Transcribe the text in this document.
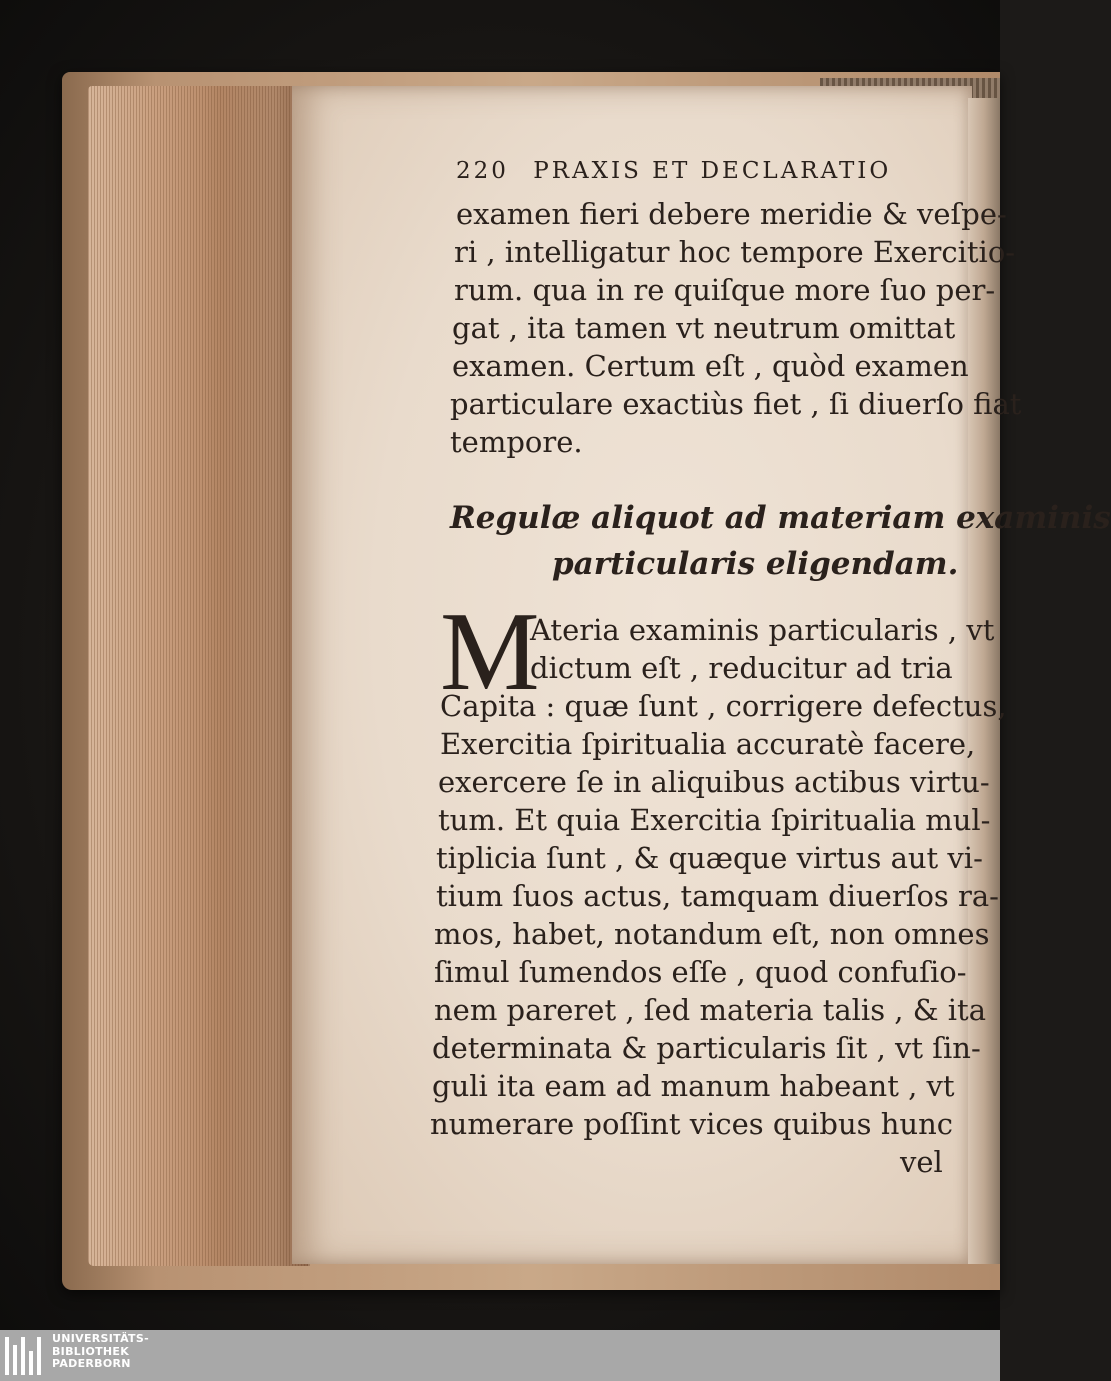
220 PRAXIS ET DECLARATIO
examen fieri debere meridie & veſpe-
ri , intelligatur hoc tempore Exercitio-
rum. qua in re quiſque more ſuo per-
gat , ita tamen vt neutrum omittat
examen. Certum eſt , quòd examen
particulare exactiùs fiet , ſi diuerſo fiat
tempore.
Regulæ aliquot ad materiam examinis
particularis eligendam.
M
Ateria examinis particularis , vt
dictum eſt , reducitur ad tria
Capita : quæ ſunt , corrigere defectus,
Exercitia ſpiritualia accuratè facere,
exercere ſe in aliquibus actibus virtu-
tum. Et quia Exercitia ſpiritualia mul-
tiplicia ſunt , & quæque virtus aut vi-
tium ſuos actus, tamquam diuerſos ra-
mos, habet, notandum eſt, non omnes
ſimul ſumendos eſſe , quod confuſio-
nem pareret , ſed materia talis , & ita
determinata & particularis ſit , vt ſin-
guli ita eam ad manum habeant , vt
numerare poſſint vices quibus hunc
vel
UNIVERSITÄTS-
BIBLIOTHEK
PADERBORN
